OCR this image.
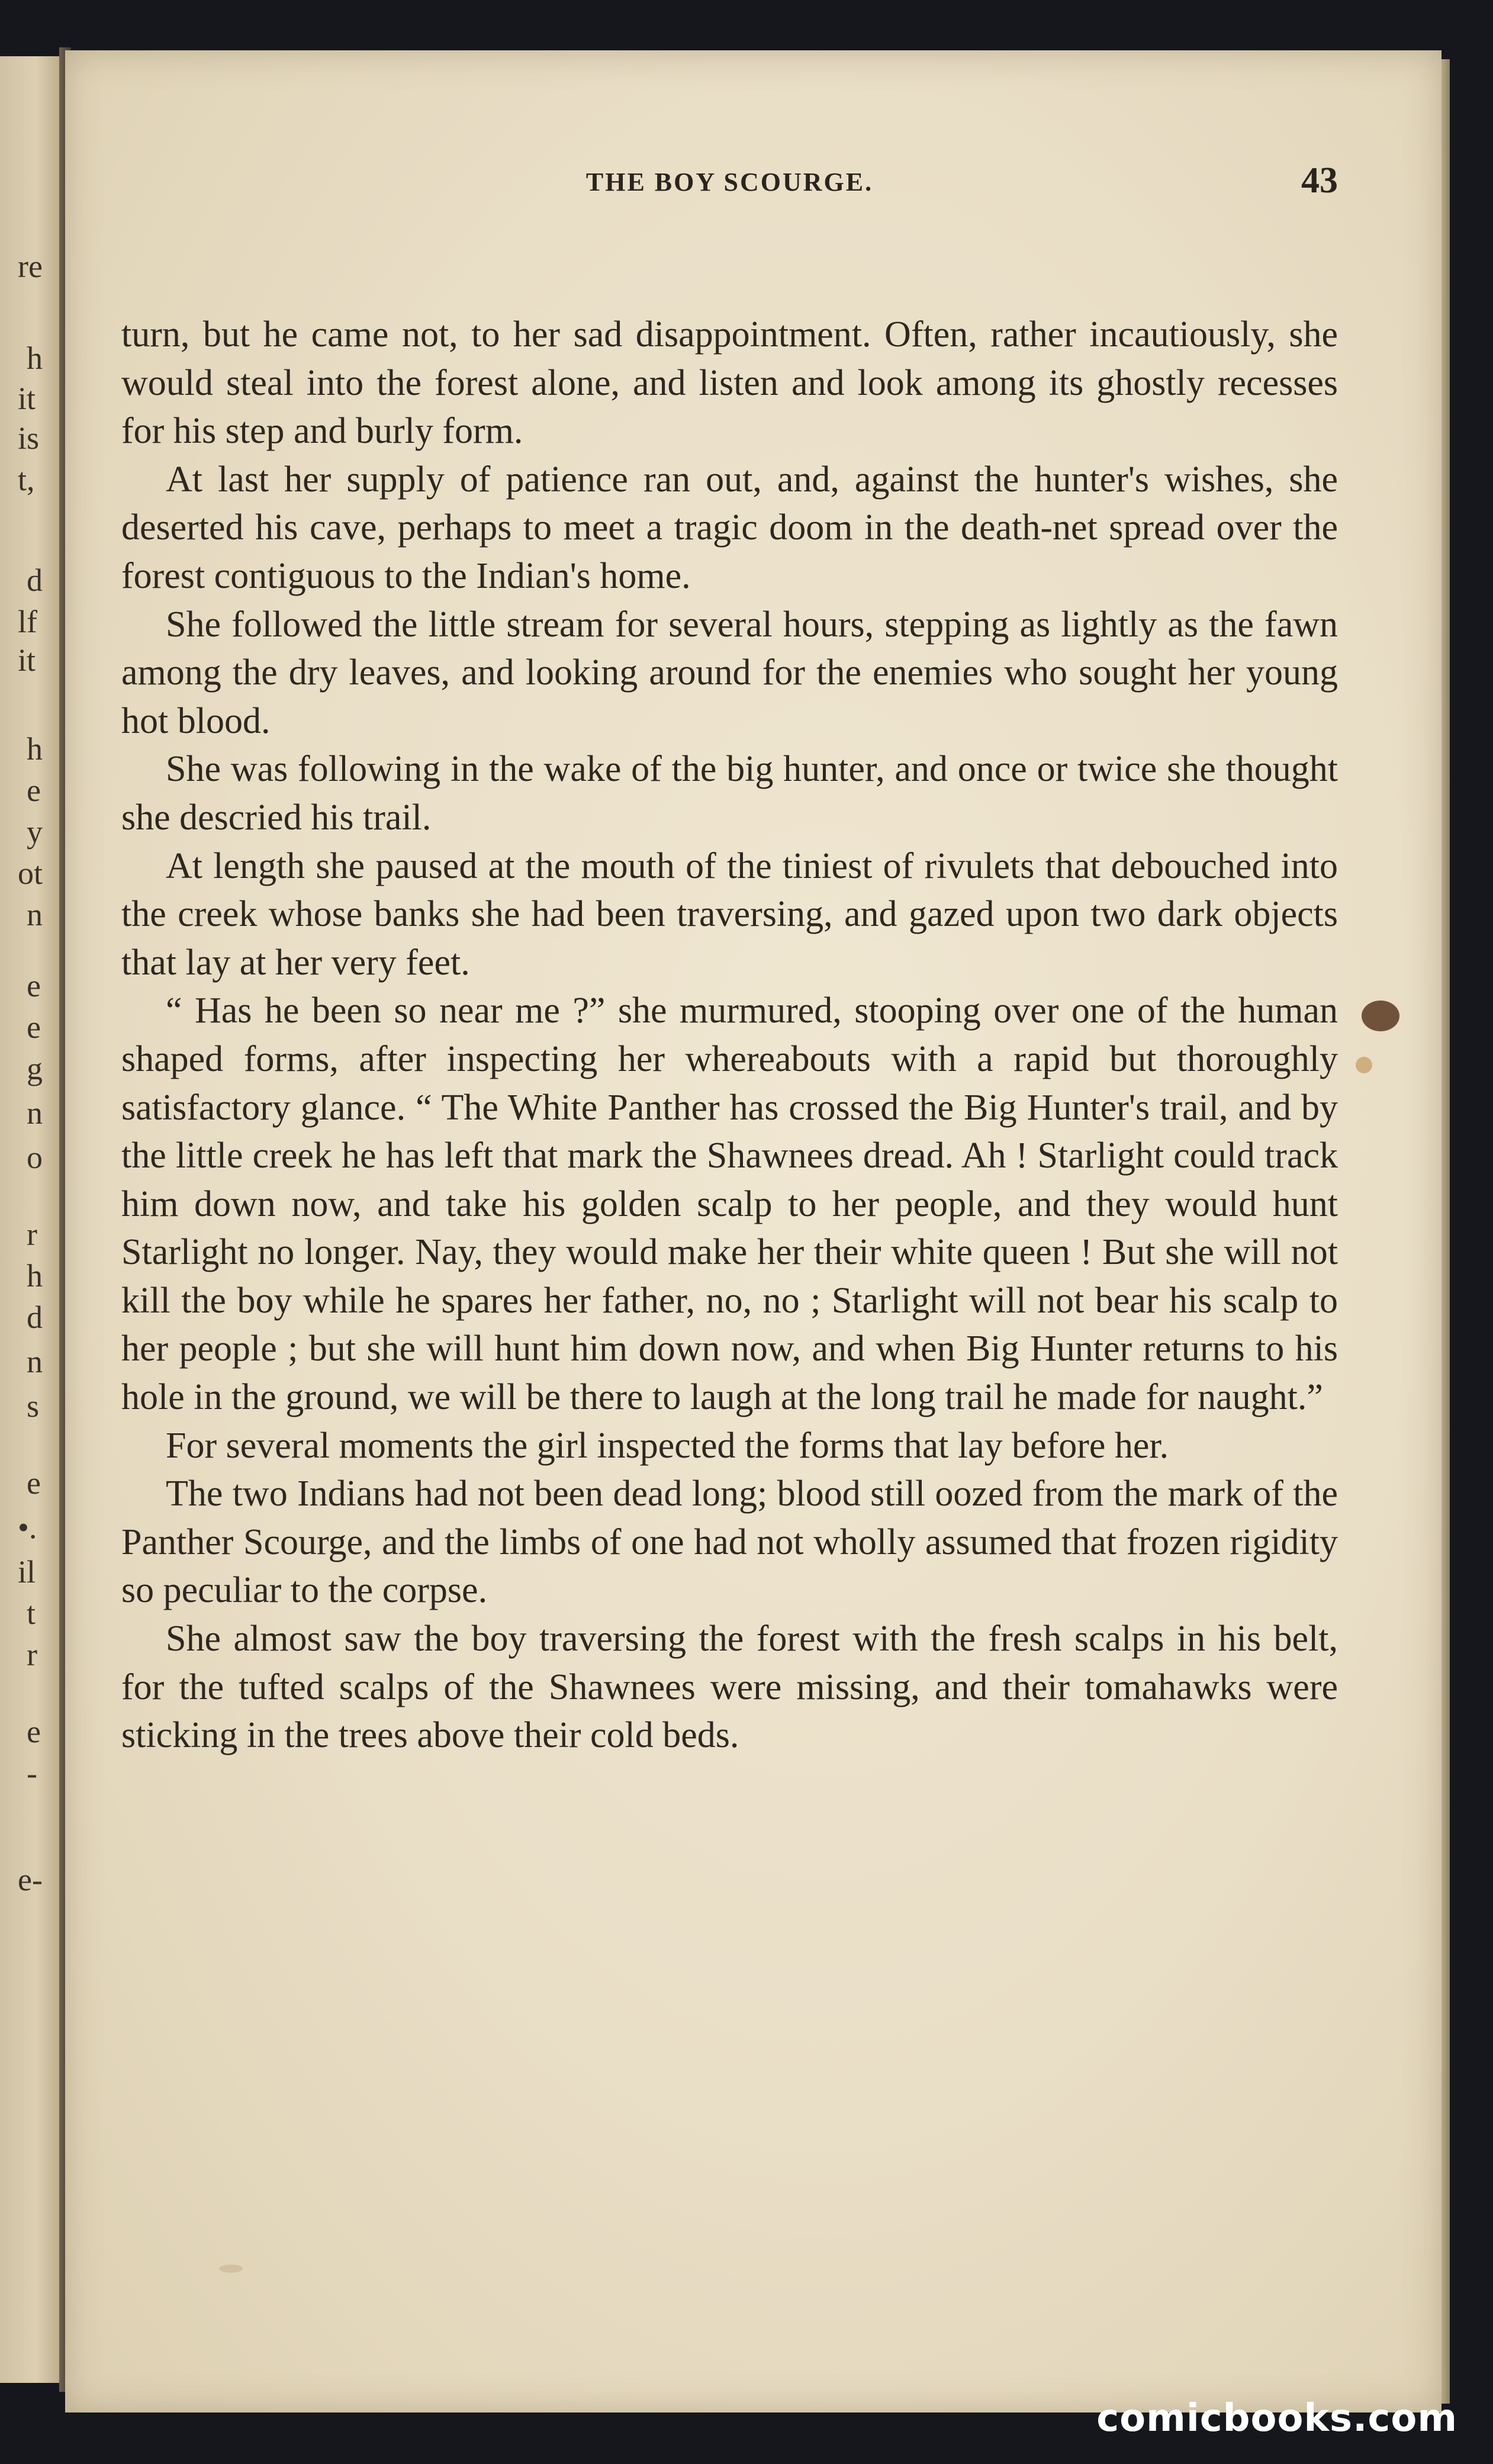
re
h
it
is
t,
d
lf
it
h
e
y
ot
n
e
e
g
n
o
r
h
d
n
s
e
•.
il
t
r
e
-
e-
THE BOY SCOURGE.	43

turn, but he came not, to her sad disappointment. Often, rather incautiously, she would steal into the forest alone, and listen and look among its ghostly recesses for his step and burly form.

At last her supply of patience ran out, and, against the hunter's wishes, she deserted his cave, perhaps to meet a tragic doom in the death-net spread over the forest contiguous to the Indian's home.

She followed the little stream for several hours, stepping as lightly as the fawn among the dry leaves, and looking around for the enemies who sought her young hot blood.

She was following in the wake of the big hunter, and once or twice she thought she descried his trail.

At length she paused at the mouth of the tiniest of rivulets that debouched into the creek whose banks she had been traversing, and gazed upon two dark objects that lay at her very feet.

“ Has he been so near me ?” she murmured, stooping over one of the human shaped forms, after inspecting her whereabouts with a rapid but thoroughly satisfactory glance. “ The White Panther has crossed the Big Hunter's trail, and by the little creek he has left that mark the Shawnees dread. Ah ! Starlight could track him down now, and take his golden scalp to her people, and they would hunt Starlight no longer. Nay, they would make her their white queen ! But she will not kill the boy while he spares her father, no, no ; Starlight will not bear his scalp to her people ; but she will hunt him down now, and when Big Hunter returns to his hole in the ground, we will be there to laugh at the long trail he made for naught.”

For several moments the girl inspected the forms that lay before her.

The two Indians had not been dead long; blood still oozed from the mark of the Panther Scourge, and the limbs of one had not wholly assumed that frozen rigidity so peculiar to the corpse.

She almost saw the boy traversing the forest with the fresh scalps in his belt, for the tufted scalps of the Shawnees were missing, and their tomahawks were sticking in the trees above their cold beds.

comicbooks.com
